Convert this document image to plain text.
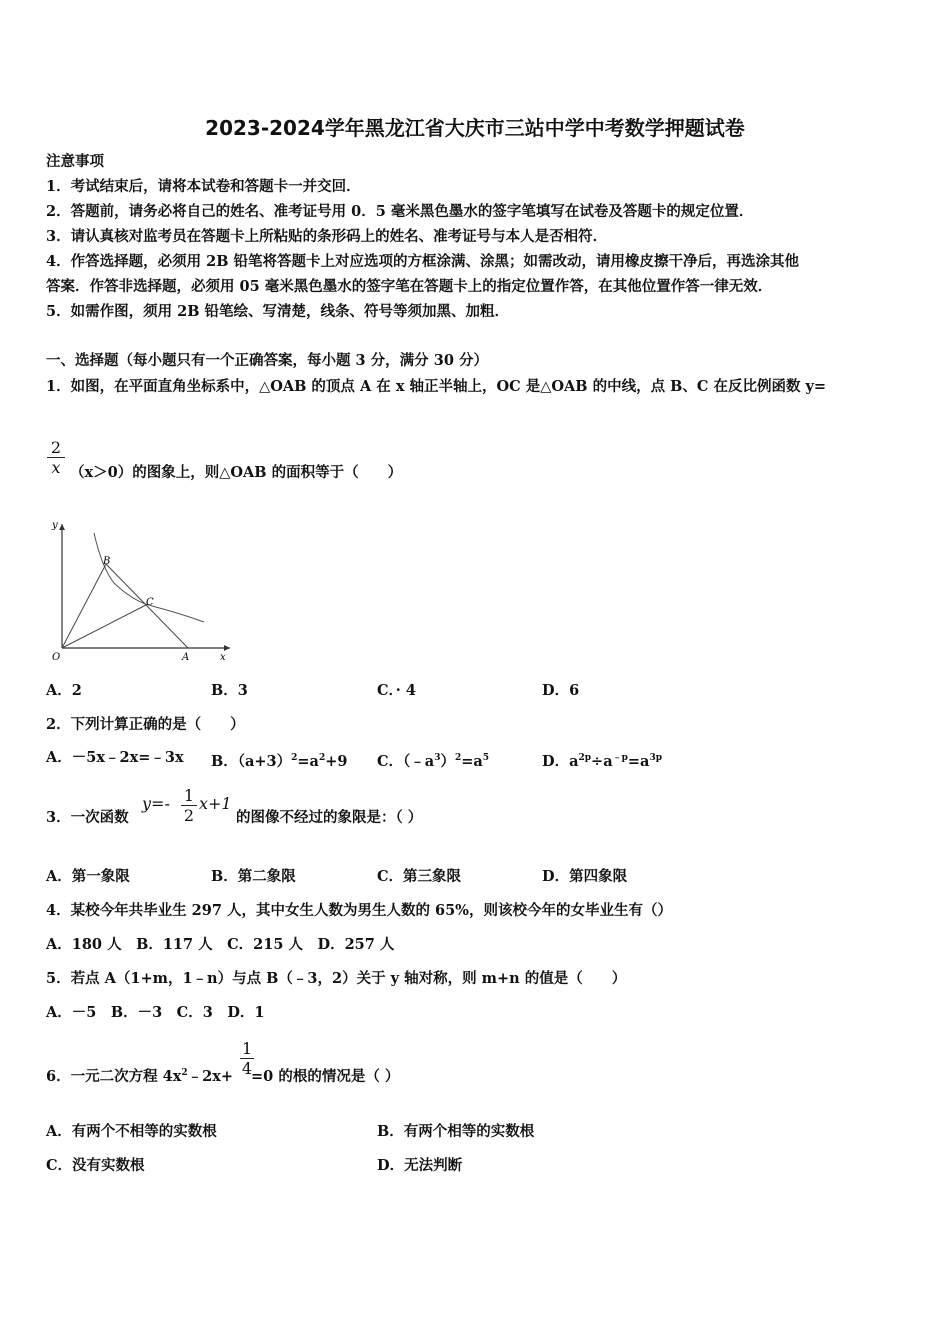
2023-2024学年黑龙江省大庆市三站中学中考数学押题试卷
注意事项
1．考试结束后，请将本试卷和答题卡一并交回．
2．答题前，请务必将自己的姓名、准考证号用 0．5 毫米黑色墨水的签字笔填写在试卷及答题卡的规定位置．
3．请认真核对监考员在答题卡上所粘贴的条形码上的姓名、准考证号与本人是否相符．
4．作答选择题，必须用 2B 铅笔将答题卡上对应选项的方框涂满、涂黑；如需改动，请用橡皮擦干净后，再选涂其他
答案．作答非选择题，必须用 05 毫米黑色墨水的签字笔在答题卡上的指定位置作答，在其他位置作答一律无效．
5．如需作图，须用 2B 铅笔绘、写清楚，线条、符号等须加黑、加粗．
一、选择题（每小题只有一个正确答案，每小题 3 分，满分 30 分）
1．如图，在平面直角坐标系中，△OAB 的顶点 A 在 x 轴正半轴上，OC 是△OAB 的中线，点 B、C 在反比例函数 y=
$\frac{2}{x} (x>0)$的图象上，则△OAB 的面积等于（　　）
y
x
O	A
B
C
A．2	B．3	C．· 4	D．6
2．下列计算正确的是（　　）
A．－5x﹣2x=﹣3x B．$(a+3)^2=a^2+9$ C．$(﹣a^3)^2=a^5$	D．$a^{2p}\div a^{﹣p}=a^{3p}$
3．一次函数
$y=- \frac{1}{2} x+1$
的图像不经过的象限是：（ ）
A．第一象限	B．第二象限	C．第三象限	D．第四象限
4．某校今年共毕业生 297 人，其中女生人数为男生人数的 65%，则该校今年的女毕业生有（）
A．180 人　B．117 人　C．215 人　D．257 人
5．若点 A（1+m，1﹣n）与点 B（﹣3，2）关于 y 轴对称，则 m+n 的值是（　　）
A．－5　B．－3　C．3　D．1
6．一元二次方程 $4x^2﹣2x+ =0$ 的根的情况是（ ）
$\frac{1}{4}$
A．有两个不相等的实数根	B．有两个相等的实数根
C．没有实数根	D．无法判断
